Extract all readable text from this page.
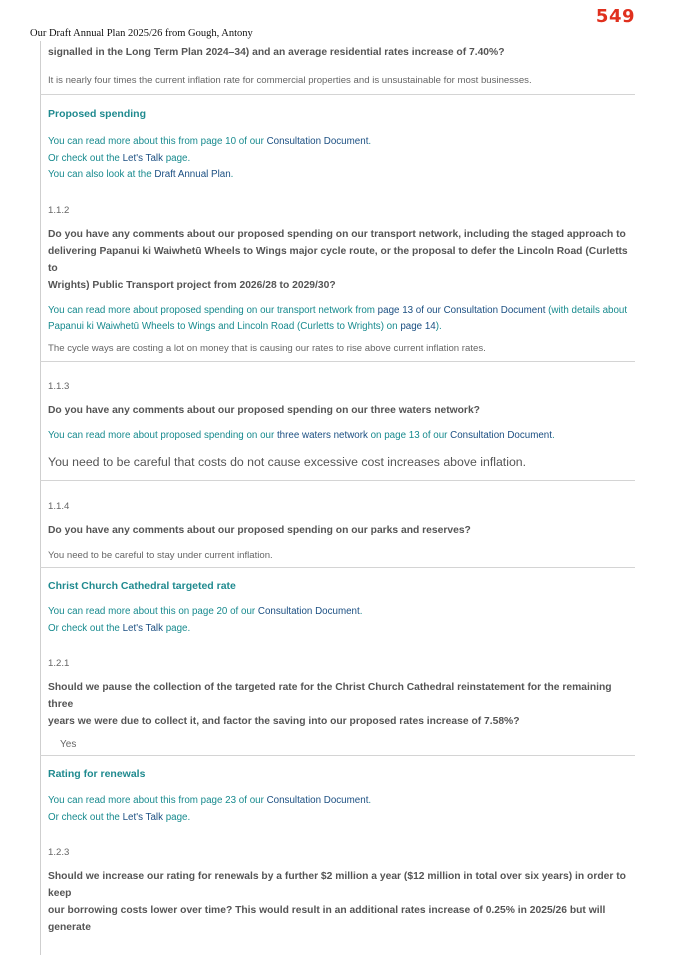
549
Our Draft Annual Plan 2025/26 from Gough, Antony

signalled in the Long Term Plan 2024–34) and an average residential rates increase of 7.40%?

It is nearly four times the current inflation rate for commercial properties and is unsustainable for most businesses.

Proposed spending

You can read more about this from page 10 of our Consultation Document.

Or check out the Let's Talk page.

You can also look at the Draft Annual Plan.

1.1.2

Do you have any comments about our proposed spending on our transport network, including the staged approach to

delivering Papanui ki Waiwhetū Wheels to Wings major cycle route, or the proposal to defer the Lincoln Road (Curletts to

Wrights) Public Transport project from 2026/28 to 2029/30?

You can read more about proposed spending on our transport network from page 13 of our Consultation Document (with details about

Papanui ki Waiwhetū Wheels to Wings and Lincoln Road (Curletts to Wrights) on page 14).

The cycle ways are costing a lot on money that is causing our rates to rise above current inflation rates.

1.1.3

Do you have any comments about our proposed spending on our three waters network?

You can read more about proposed spending on our three waters network on page 13 of our Consultation Document.

You need to be careful that costs do not cause excessive cost increases above inflation.

1.1.4

Do you have any comments about our proposed spending on our parks and reserves?

You need to be careful to stay under current inflation.

Christ Church Cathedral targeted rate

You can read more about this on page 20 of our Consultation Document.

Or check out the Let's Talk page.

1.2.1

Should we pause the collection of the targeted rate for the Christ Church Cathedral reinstatement for the remaining three

years we were due to collect it, and factor the saving into our proposed rates increase of 7.58%?

Yes

Rating for renewals

You can read more about this from page 23 of our Consultation Document.

Or check out the Let's Talk page.

1.2.3

Should we increase our rating for renewals by a further $2 million a year ($12 million in total over six years) in order to keep

our borrowing costs lower over time? This would result in an additional rates increase of 0.25% in 2025/26 but will generate
